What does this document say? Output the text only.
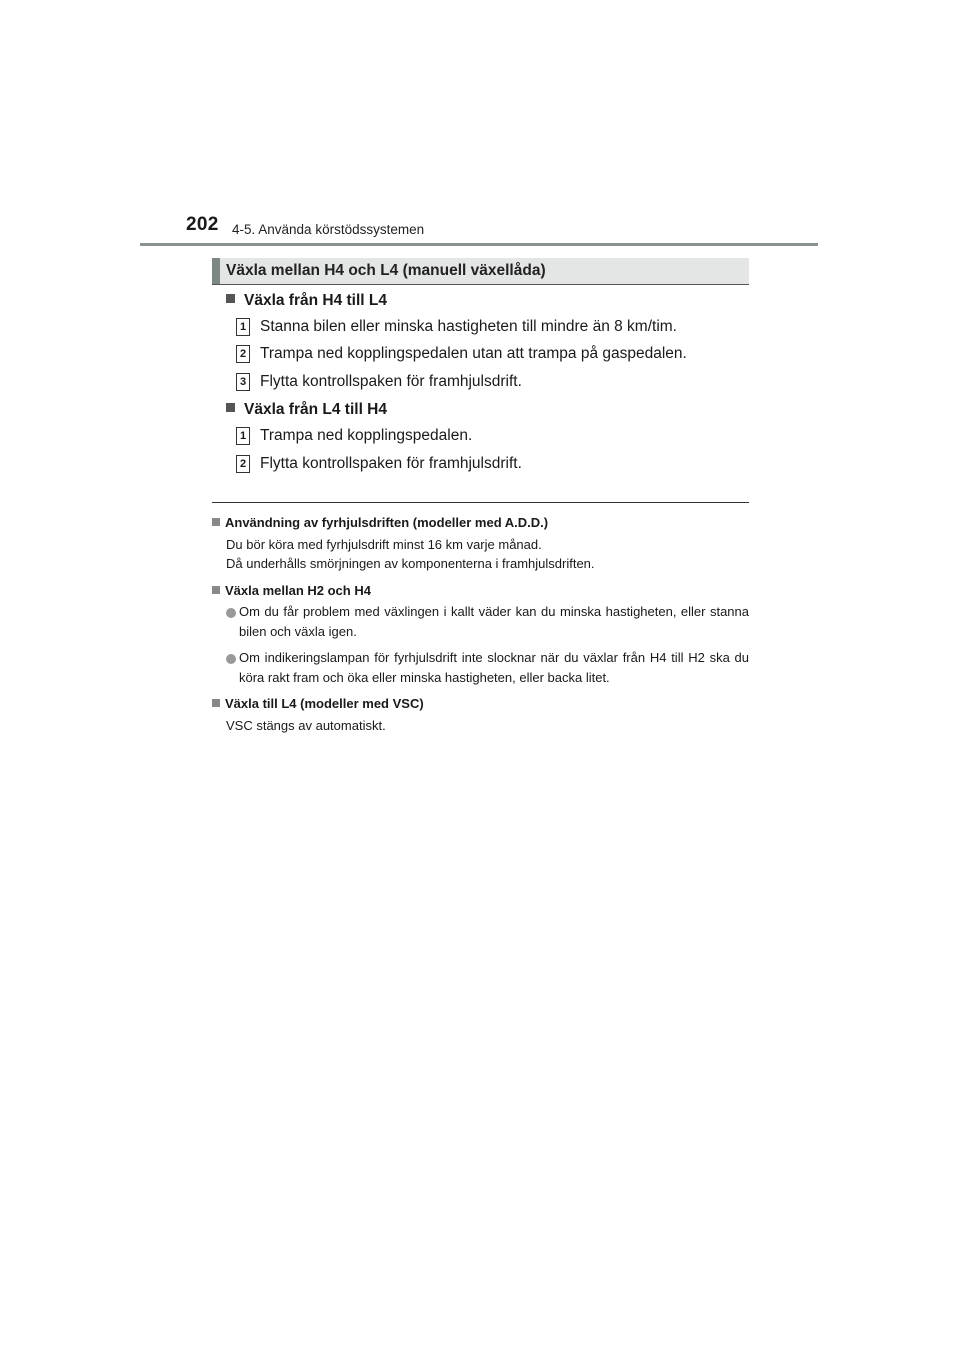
202 4-5. Använda körstödssystemen
Växla mellan H4 och L4 (manuell växellåda)
Växla från H4 till L4
1 Stanna bilen eller minska hastigheten till mindre än 8 km/tim.
2 Trampa ned kopplingspedalen utan att trampa på gaspedalen.
3 Flytta kontrollspaken för framhjulsdrift.
Växla från L4 till H4
1 Trampa ned kopplingspedalen.
2 Flytta kontrollspaken för framhjulsdrift.
Användning av fyrhjulsdriften (modeller med A.D.D.)
Du bör köra med fyrhjulsdrift minst 16 km varje månad.
Då underhålls smörjningen av komponenterna i framhjulsdriften.
Växla mellan H2 och H4
Om du får problem med växlingen i kallt väder kan du minska hastigheten, eller stanna bilen och växla igen.
Om indikeringslampan för fyrhjulsdrift inte slocknar när du växlar från H4 till H2 ska du köra rakt fram och öka eller minska hastigheten, eller backa litet.
Växla till L4 (modeller med VSC)
VSC stängs av automatiskt.
